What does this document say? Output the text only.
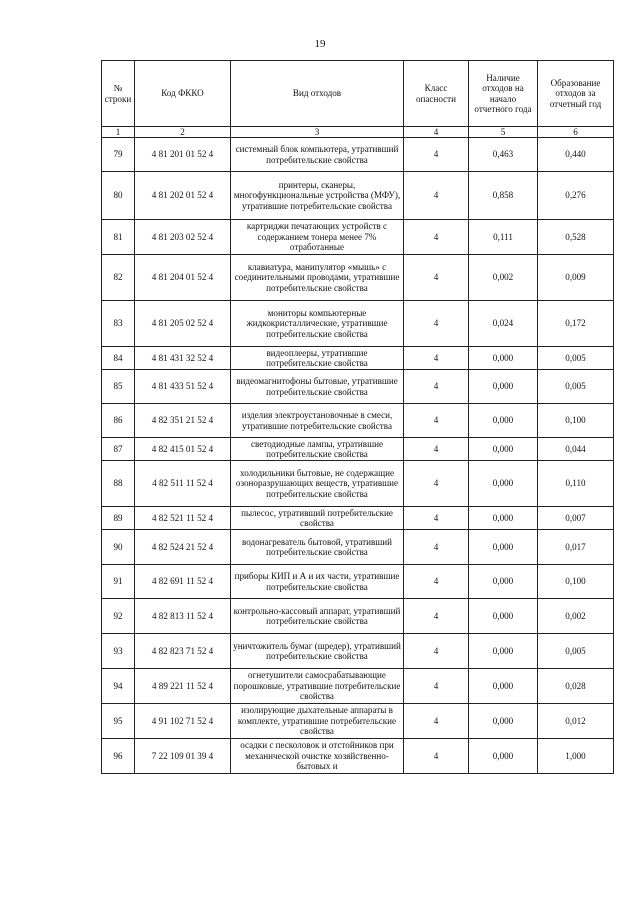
19
№ строки	Код ФККО	Вид отходов	Класс опасности	Наличие отходов на начало отчетного года	Образование отходов за отчетный год
1	2	3	4	5	6
79	4 81 201 01 52 4	системный блок компьютера, утративший потребительские свойства	4	0,463	0,440
80	4 81 202 01 52 4	принтеры, сканеры, многофункциональные устройства (МФУ), утратившие потребительские свойства	4	0,858	0,276
81	4 81 203 02 52 4	картриджи печатающих устройств с содержанием тонера менее 7% отработанные	4	0,111	0,528
82	4 81 204 01 52 4	клавиатура, манипулятор «мышь» с соединительными проводами, утратившие потребительские свойства	4	0,002	0,009
83	4 81 205 02 52 4	мониторы компьютерные жидкокристаллические, утратившие потребительские свойства	4	0,024	0,172
84	4 81 431 32 52 4	видеоплееры, утратившие потребительские свойства	4	0,000	0,005
85	4 81 433 51 52 4	видеомагнитофоны бытовые, утратившие потребительские свойства	4	0,000	0,005
86	4 82 351 21 52 4	изделия электроустановочные в смеси, утратившие потребительские свойства	4	0,000	0,100
87	4 82 415 01 52 4	светодиодные лампы, утратившие потребительские свойства	4	0,000	0,044
88	4 82 511 11 52 4	холодильники бытовые, не содержащие озоноразрушающих веществ, утратившие потребительские свойства	4	0,000	0,110
89	4 82 521 11 52 4	пылесос, утративший потребительские свойства	4	0,000	0,007
90	4 82 524 21 52 4	водонагреватель бытовой, утративший потребительские свойства	4	0,000	0,017
91	4 82 691 11 52 4	приборы КИП и А и их части, утратившие потребительские свойства	4	0,000	0,100
92	4 82 813 11 52 4	контрольно-кассовый аппарат, утративший потребительские свойства	4	0,000	0,002
93	4 82 823 71 52 4	уничтожитель бумаг (шредер), утративший потребительские свойства	4	0,000	0,005
94	4 89 221 11 52 4	огнетушители самосрабатывающие порошковые, утратившие потребительские свойства	4	0,000	0,028
95	4 91 102 71 52 4	изолирующие дыхательные аппараты в комплекте, утратившие потребительские свойства	4	0,000	0,012
96	7 22 109 01 39 4	осадки с песколовок и отстойников при механической очистке хозяйственно-бытовых и	4	0,000	1,000
